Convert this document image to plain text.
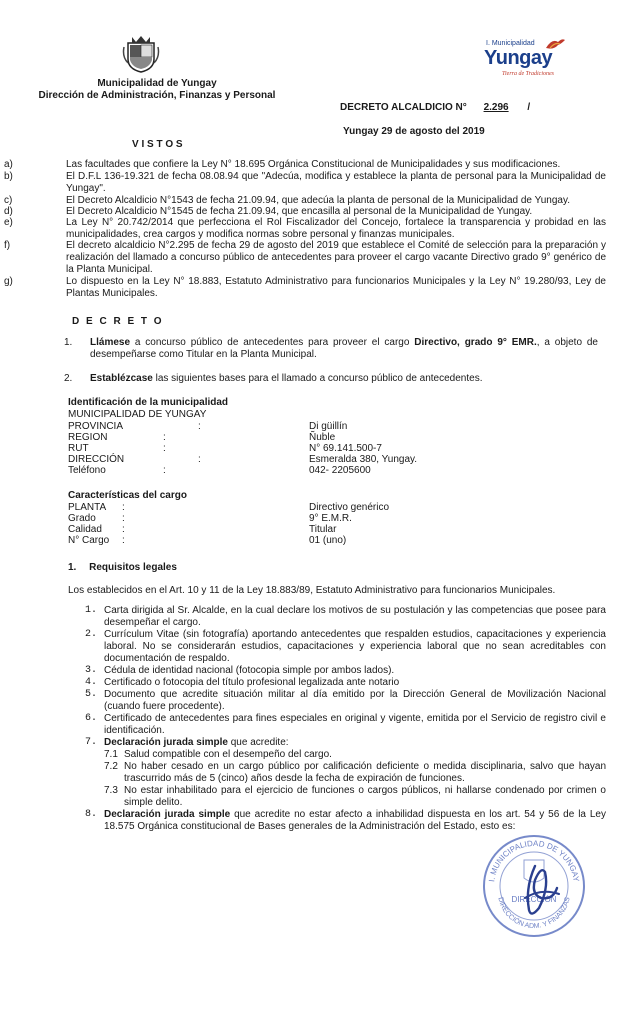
I. Municipalidad
Yungay
Tierra de Tradiciones
Municipalidad de Yungay
Dirección de Administración, Finanzas y Personal
DECRETO ALCALDICIO N° 2.296 /
Yungay 29 de agosto del 2019
V I S T O S
a)	Las facultades que confiere la Ley N° 18.695 Orgánica Constitucional de Municipalidades y sus modificaciones.
b)	El D.F.L 136-19.321 de fecha 08.08.94 que "Adecúa, modifica y establece la planta de personal para la Municipalidad de Yungay".
c)	El Decreto Alcaldicio N°1543 de fecha 21.09.94, que adecúa la planta de personal de la Municipalidad de Yungay.
d)	El Decreto Alcaldicio N°1545 de fecha 21.09.94, que encasilla al personal de la Municipalidad de Yungay.
e)	La Ley N° 20.742/2014 que perfecciona el Rol Fiscalizador del Concejo, fortalece la transparencia y probidad en las municipalidades, crea cargos y modifica normas sobre personal y finanzas municipales.
f)	El decreto alcaldicio N°2.295 de fecha 29 de agosto del 2019 que establece el Comité de selección para la preparación y realización del llamado a concurso público de antecedentes para proveer el cargo vacante Directivo grado 9° genérico de la Planta Municipal.
g)	Lo dispuesto en la Ley N° 18.883, Estatuto Administrativo para funcionarios Municipales y la Ley N° 19.280/93, Ley de Plantas Municipales.
D E C R E T O
1. Llámese a concurso público de antecedentes para proveer el cargo Directivo, grado 9° EMR., a objeto de desempeñarse como Titular en la Planta Municipal.
2. Establézcase las siguientes bases para el llamado a concurso público de antecedentes.
Identificación de la municipalidad
MUNICIPALIDAD DE YUNGAY
PROVINCIA	:	Di güillín
REGION	:	Ñuble
RUT	:	N° 69.141.500-7
DIRECCIÓN	:	Esmeralda 380, Yungay.
Teléfono	:	042- 2205600
Características del cargo
PLANTA :	Directivo genérico
Grado	:	9° E.M.R.
Calidad :	Titular
N° Cargo :	01 (uno)
1. Requisitos legales
Los establecidos en el Art. 10 y 11 de la Ley 18.883/89, Estatuto Administrativo para funcionarios Municipales.
1. Carta dirigida al Sr. Alcalde, en la cual declare los motivos de su postulación y las competencias que posee para desempeñar el cargo.
2. Currículum Vitae (sin fotografía) aportando antecedentes que respalden estudios, capacitaciones y experiencia laboral. No se considerarán estudios, capacitaciones y experiencia laboral que no sean acreditables con documentación de respaldo.
3. Cédula de identidad nacional (fotocopia simple por ambos lados).
4. Certificado o fotocopia del título profesional legalizada ante notario
5. Documento que acredite situación militar al día emitido por la Dirección General de Movilización Nacional (cuando fuere procedente).
6. Certificado de antecedentes para fines especiales en original y vigente, emitida por el Servicio de registro civil e identificación.
7. Declaración jurada simple que acredite:
7.1 Salud compatible con el desempeño del cargo.
7.2 No haber cesado en un cargo público por calificación deficiente o medida disciplinaria, salvo que hayan trascurrido más de 5 (cinco) años desde la fecha de expiración de funciones.
7.3 No estar inhabilitado para el ejercicio de funciones o cargos públicos, ni hallarse condenado por crimen o simple delito.
8. Declaración jurada simple que acredite no estar afecto a inhabilidad dispuesta en los art. 54 y 56 de la Ley 18.575 Orgánica constitucional de Bases generales de la Administración del Estado, esto es:
I. MUNICIPALIDAD DE YUNGAY
DIRECCIÓN ADM. Y FINANZAS
DIRECCIÓN
